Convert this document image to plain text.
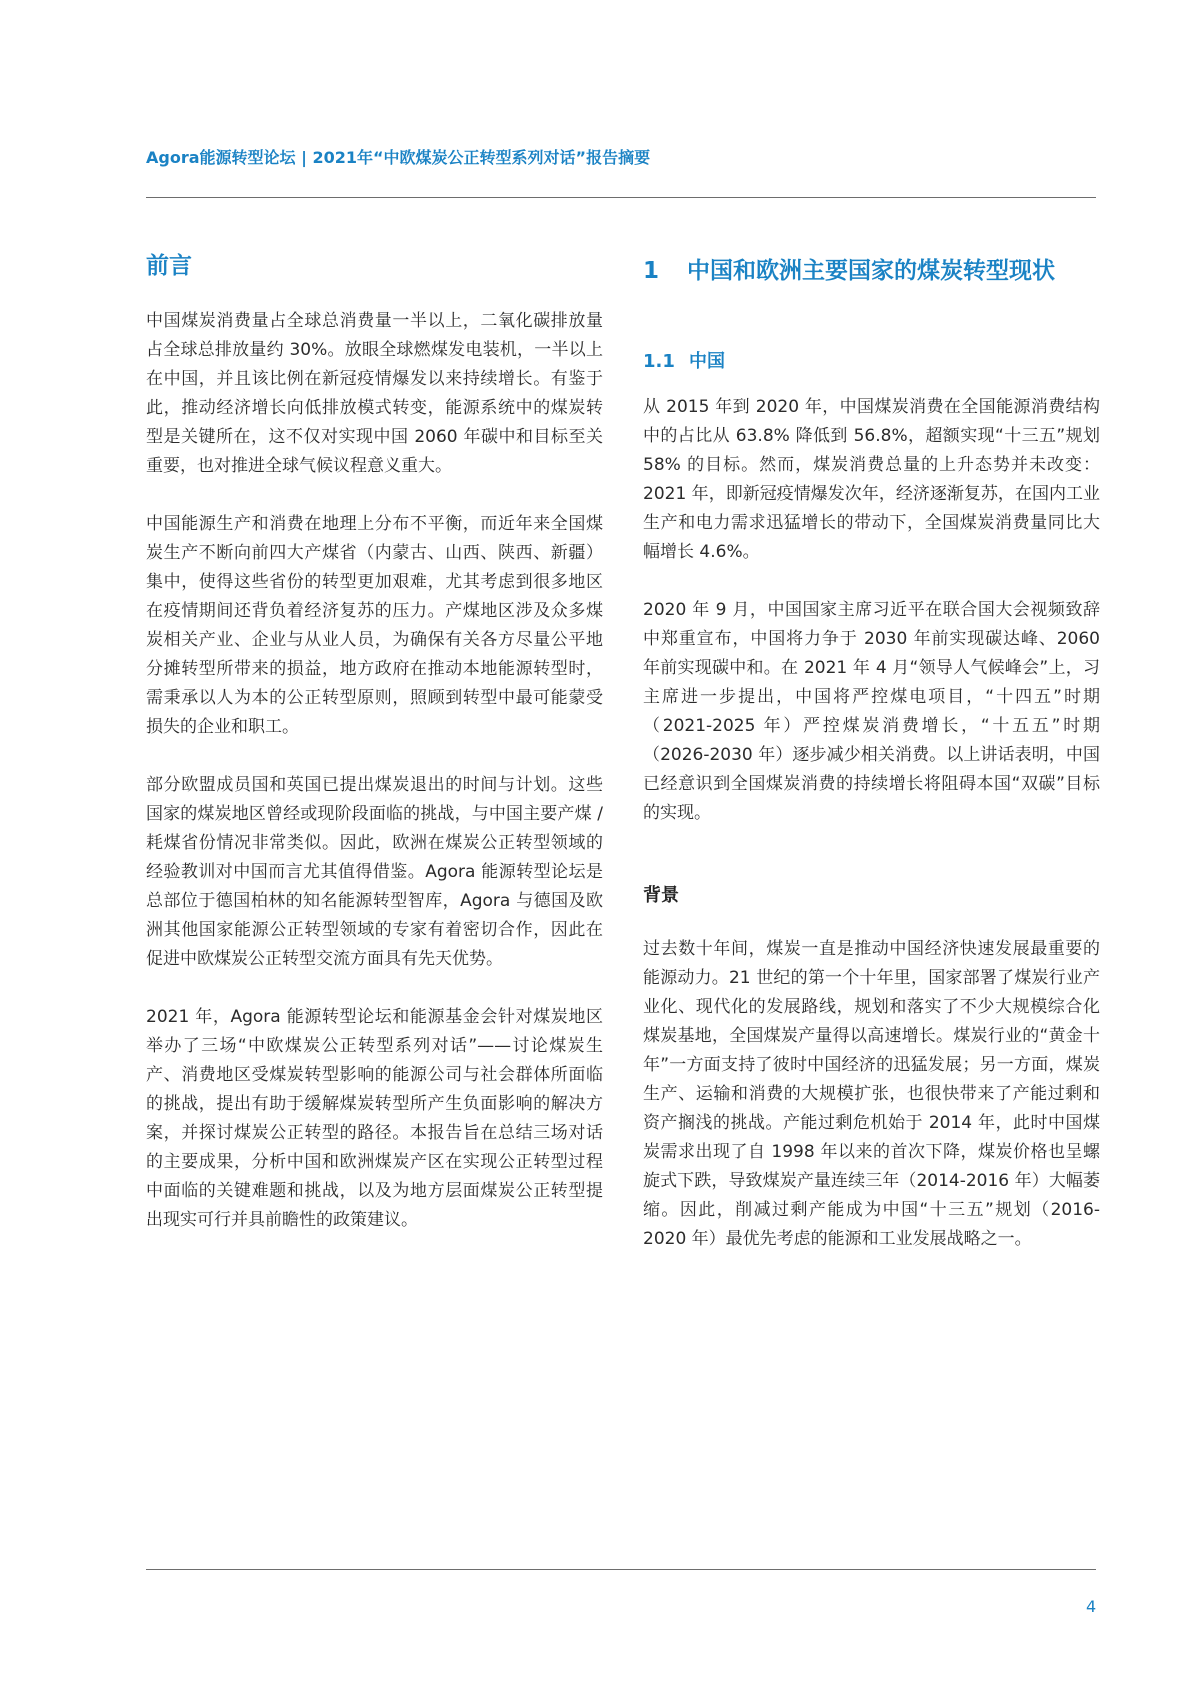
Agora能源转型论坛 | 2021年“中欧煤炭公正转型系列对话”报告摘要
前言

中国煤炭消费量占全球总消费量一半以上，二氧化碳排放量占全球总排放量约 30%。放眼全球燃煤发电装机，一半以上在中国，并且该比例在新冠疫情爆发以来持续增长。有鉴于此，推动经济增长向低排放模式转变，能源系统中的煤炭转型是关键所在，这不仅对实现中国 2060 年碳中和目标至关重要，也对推进全球气候议程意义重大。

中国能源生产和消费在地理上分布不平衡，而近年来全国煤炭生产不断向前四大产煤省（内蒙古、山西、陕西、新疆）集中，使得这些省份的转型更加艰难，尤其考虑到很多地区在疫情期间还背负着经济复苏的压力。产煤地区涉及众多煤炭相关产业、企业与从业人员，为确保有关各方尽量公平地分摊转型所带来的损益，地方政府在推动本地能源转型时，需秉承以人为本的公正转型原则，照顾到转型中最可能蒙受损失的企业和职工。

部分欧盟成员国和英国已提出煤炭退出的时间与计划。这些国家的煤炭地区曾经或现阶段面临的挑战，与中国主要产煤 / 耗煤省份情况非常类似。因此，欧洲在煤炭公正转型领域的经验教训对中国而言尤其值得借鉴。Agora 能源转型论坛是总部位于德国柏林的知名能源转型智库，Agora 与德国及欧洲其他国家能源公正转型领域的专家有着密切合作，因此在促进中欧煤炭公正转型交流方面具有先天优势。

2021 年，Agora 能源转型论坛和能源基金会针对煤炭地区举办了三场“中欧煤炭公正转型系列对话”——讨论煤炭生产、消费地区受煤炭转型影响的能源公司与社会群体所面临的挑战，提出有助于缓解煤炭转型所产生负面影响的解决方案，并探讨煤炭公正转型的路径。本报告旨在总结三场对话的主要成果，分析中国和欧洲煤炭产区在实现公正转型过程中面临的关键难题和挑战，以及为地方层面煤炭公正转型提出现实可行并具前瞻性的政策建议。

1 中国和欧洲主要国家的煤炭转型现状
1.1 中国

从 2015 年到 2020 年，中国煤炭消费在全国能源消费结构中的占比从 63.8% 降低到 56.8%，超额实现“十三五”规划 58% 的目标。然而，煤炭消费总量的上升态势并未改变：2021 年，即新冠疫情爆发次年，经济逐渐复苏，在国内工业生产和电力需求迅猛增长的带动下，全国煤炭消费量同比大幅增长 4.6%。

2020 年 9 月，中国国家主席习近平在联合国大会视频致辞中郑重宣布，中国将力争于 2030 年前实现碳达峰、2060 年前实现碳中和。在 2021 年 4 月“领导人气候峰会”上，习主席进一步提出，中国将严控煤电项目，“十四五”时期（2021-2025 年）严控煤炭消费增长，“十五五”时期（2026-2030 年）逐步减少相关消费。以上讲话表明，中国已经意识到全国煤炭消费的持续增长将阻碍本国“双碳”目标的实现。

背景

过去数十年间，煤炭一直是推动中国经济快速发展最重要的能源动力。21 世纪的第一个十年里，国家部署了煤炭行业产业化、现代化的发展路线，规划和落实了不少大规模综合化煤炭基地，全国煤炭产量得以高速增长。煤炭行业的“黄金十年”一方面支持了彼时中国经济的迅猛发展；另一方面，煤炭生产、运输和消费的大规模扩张，也很快带来了产能过剩和资产搁浅的挑战。产能过剩危机始于 2014 年，此时中国煤炭需求出现了自 1998 年以来的首次下降，煤炭价格也呈螺旋式下跌，导致煤炭产量连续三年（2014-2016 年）大幅萎缩。因此，削减过剩产能成为中国“十三五”规划（2016-2020 年）最优先考虑的能源和工业发展战略之一。

4
